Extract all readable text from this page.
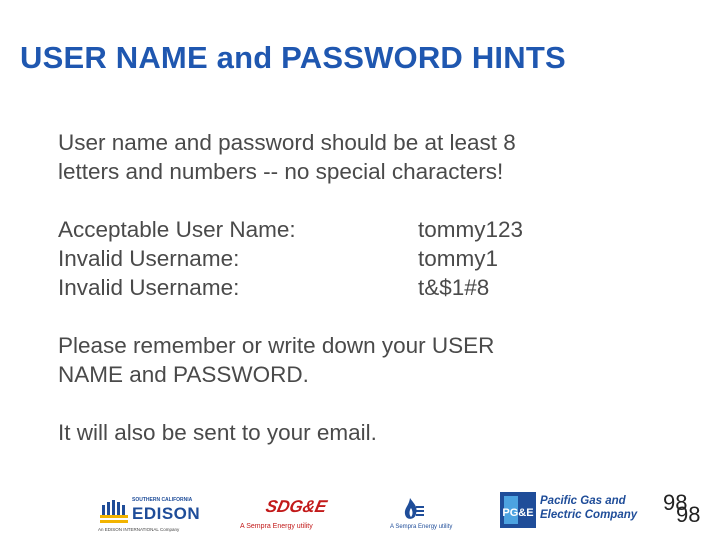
USER NAME and PASSWORD HINTS

User name and password should be at least 8

letters and numbers -- no special characters!

Acceptable User Name:	tommy123
Invalid Username:	tommy1
Invalid Username:	t&$1#8

Please remember or write down your USER

NAME and PASSWORD.

It will also be sent to your email.

SOUTHERN CALIFORNIA
EDISON
An EDISON INTERNATIONAL Company
SDG&E
A Sempra Energy utility	A Sempra Energy utility
PG&E
Pacific Gas and
Electric Company 98
98
